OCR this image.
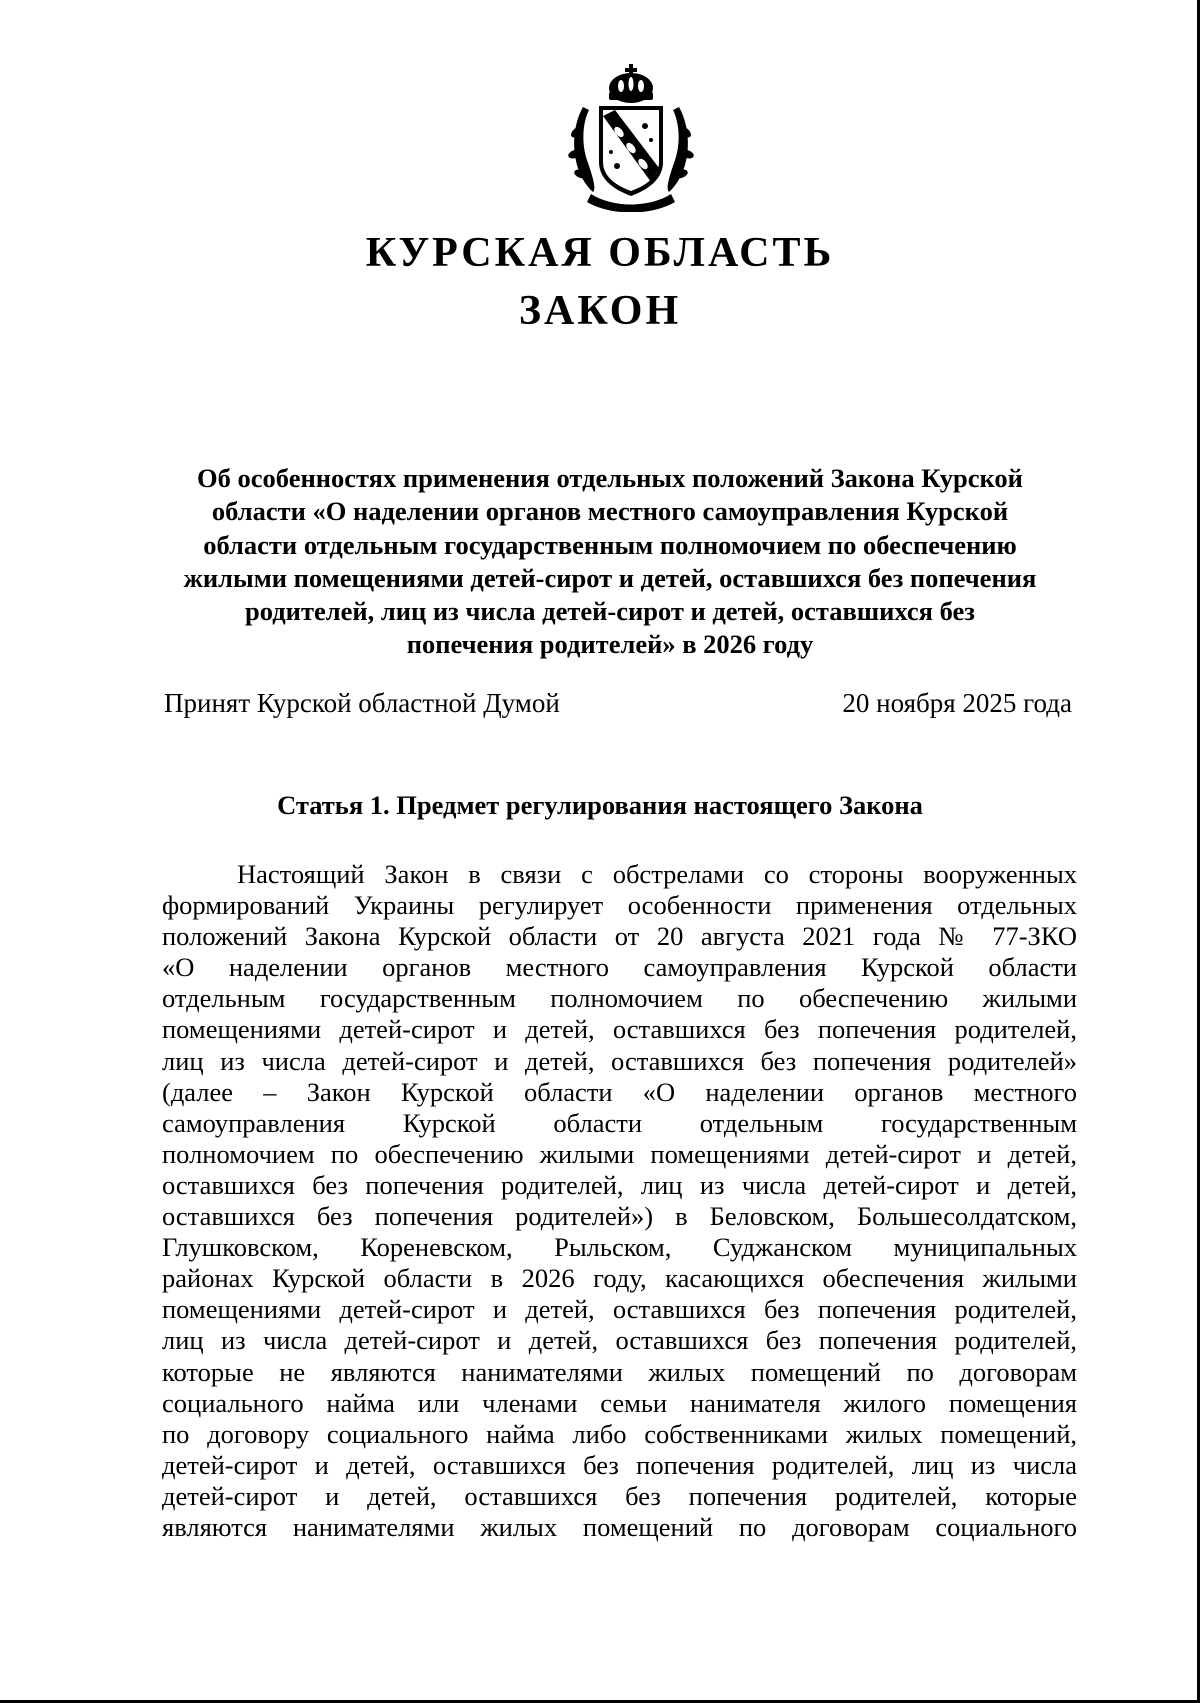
КУРСКАЯ ОБЛАСТЬ
ЗАКОН
Об особенностях применения отдельных положений Закона Курской
области «О наделении органов местного самоуправления Курской
области отдельным государственным полномочием по обеспечению
жилыми помещениями детей-сирот и детей, оставшихся без попечения
родителей, лиц из числа детей-сирот и детей, оставшихся без
попечения родителей» в 2026 году
Принят Курской областной Думой	20 ноября 2025 года
Статья 1. Предмет регулирования настоящего Закона
Настоящий Закон в связи с обстрелами со стороны вооруженных
формирований Украины регулирует особенности применения отдельных
положений Закона Курской области от 20 августа 2021 года № 77-ЗКО
«О наделении органов местного самоуправления Курской области
отдельным государственным полномочием по обеспечению жилыми
помещениями детей-сирот и детей, оставшихся без попечения родителей,
лиц из числа детей-сирот и детей, оставшихся без попечения родителей»
(далее – Закон Курской области «О наделении органов местного
самоуправления Курской области отдельным государственным
полномочием по обеспечению жилыми помещениями детей-сирот и детей,
оставшихся без попечения родителей, лиц из числа детей-сирот и детей,
оставшихся без попечения родителей») в Беловском, Большесолдатском,
Глушковском, Кореневском, Рыльском, Суджанском муниципальных
районах Курской области в 2026 году, касающихся обеспечения жилыми
помещениями детей-сирот и детей, оставшихся без попечения родителей,
лиц из числа детей-сирот и детей, оставшихся без попечения родителей,
которые не являются нанимателями жилых помещений по договорам
социального найма или членами семьи нанимателя жилого помещения
по договору социального найма либо собственниками жилых помещений,
детей-сирот и детей, оставшихся без попечения родителей, лиц из числа
детей-сирот и детей, оставшихся без попечения родителей, которые
являются нанимателями жилых помещений по договорам социального
